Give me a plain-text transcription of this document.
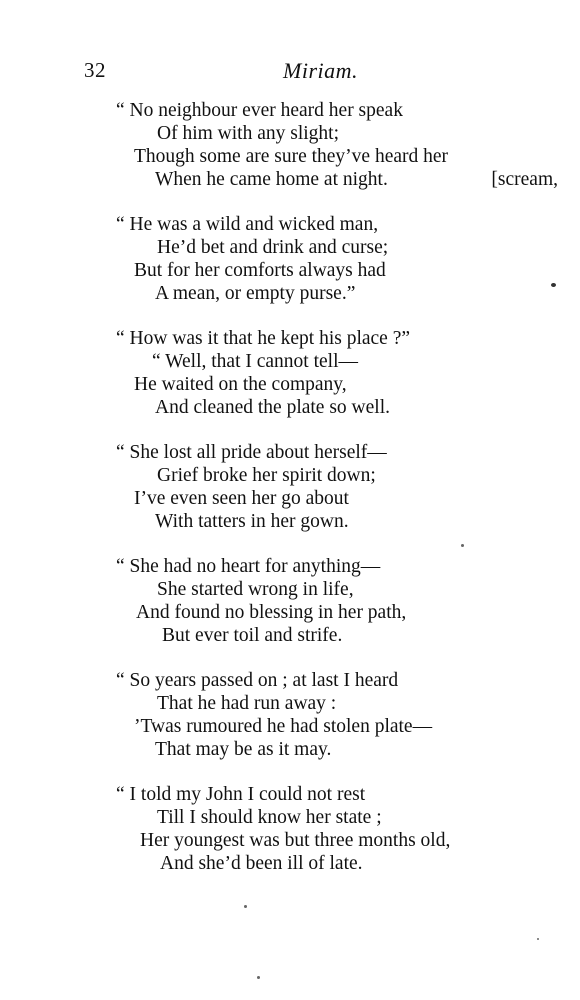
32	Miriam.
“ No neighbour ever heard her speak
Of him with any slight;
Though some are sure they’ve heard her
When he came home at night.	[scream,
“ He was a wild and wicked man,
He’d bet and drink and curse;
But for her comforts always had
A mean, or empty purse.”
“ How was it that he kept his place ?”
“ Well, that I cannot tell—
He waited on the company,
And cleaned the plate so well.
“ She lost all pride about herself—
Grief broke her spirit down;
I’ve even seen her go about
With tatters in her gown.
“ She had no heart for anything—
She started wrong in life,
And found no blessing in her path,
But ever toil and strife.
“ So years passed on ; at last I heard
That he had run away :
’Twas rumoured he had stolen plate—
That may be as it may.
“ I told my John I could not rest
Till I should know her state ;
Her youngest was but three months old,
And she’d been ill of late.
